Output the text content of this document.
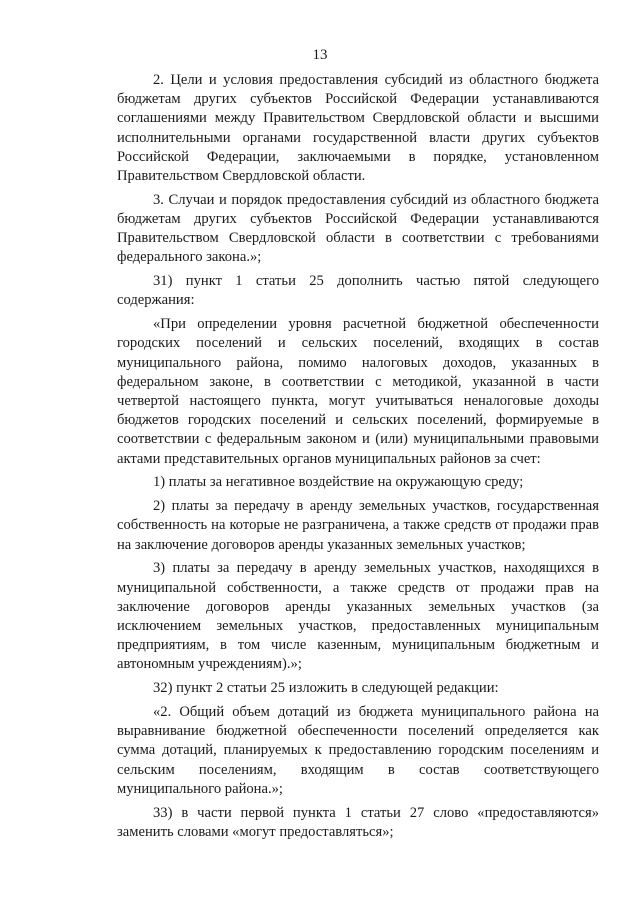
13

2. Цели и условия предоставления субсидий из областного бюджета бюджетам других субъектов Российской Федерации устанавливаются соглашениями между Правительством Свердловской области и высшими исполнительными органами государственной власти других субъектов Российской Федерации, заключаемыми в порядке, установленном Правительством Свердловской области.

3. Случаи и порядок предоставления субсидий из областного бюджета бюджетам других субъектов Российской Федерации устанавливаются Правительством Свердловской области в соответствии с требованиями федерального закона.»;

31) пункт 1 статьи 25 дополнить частью пятой следующего содержания:

«При определении уровня расчетной бюджетной обеспеченности городских поселений и сельских поселений, входящих в состав муниципального района, помимо налоговых доходов, указанных в федеральном законе, в соответствии с методикой, указанной в части четвертой настоящего пункта, могут учитываться неналоговые доходы бюджетов городских поселений и сельских поселений, формируемые в соответствии с федеральным законом и (или) муниципальными правовыми актами представительных органов муниципальных районов за счет:

1) платы за негативное воздействие на окружающую среду;

2) платы за передачу в аренду земельных участков, государственная собственность на которые не разграничена, а также средств от продажи прав на заключение договоров аренды указанных земельных участков;

3) платы за передачу в аренду земельных участков, находящихся в муниципальной собственности, а также средств от продажи прав на заключение договоров аренды указанных земельных участков (за исключением земельных участков, предоставленных муниципальным предприятиям, в том числе казенным, муниципальным бюджетным и автономным учреждениям).»;

32) пункт 2 статьи 25 изложить в следующей редакции:

«2. Общий объем дотаций из бюджета муниципального района на выравнивание бюджетной обеспеченности поселений определяется как сумма дотаций, планируемых к предоставлению городским поселениям и сельским поселениям, входящим в состав соответствующего муниципального района.»;

33) в части первой пункта 1 статьи 27 слово «предоставляются» заменить словами «могут предоставляться»;
